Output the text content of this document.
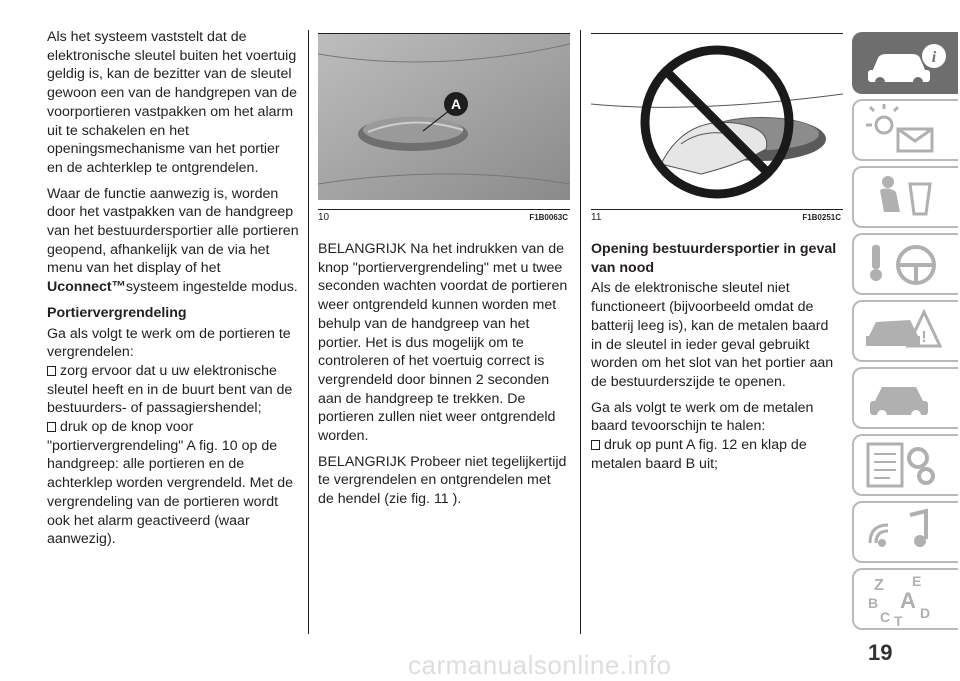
Als het systeem vaststelt dat de elektronische sleutel buiten het voertuig geldig is, kan de bezitter van de sleutel gewoon een van de handgrepen van de voorportieren vastpakken om het alarm uit te schakelen en het openingsmechanisme van het portier en de achterklep te ontgrendelen.

Waar de functie aanwezig is, worden door het vastpakken van de handgreep van het bestuurdersportier alle portieren geopend, afhankelijk van de via het menu van het display of het Uconnect™systeem ingestelde modus.

Portiervergrendeling

Ga als volgt te werk om de portieren te vergrendelen:

zorg ervoor dat u uw elektronische sleutel heeft en in de buurt bent van de bestuurders- of passagiershendel;
druk op de knop voor "portiervergrendeling" A fig. 10 op de handgreep: alle portieren en de achterklep worden vergrendeld. Met de vergrendeling van de portieren wordt ook het alarm geactiveerd (waar aanwezig).
A
10	F1B0063C 11	F1B0251C

BELANGRIJK Na het indrukken van de knop "portiervergrendeling" met u twee seconden wachten voordat de portieren weer ontgrendeld kunnen worden met behulp van de handgreep van het portier. Het is dus mogelijk om te controleren of het voertuig correct is vergrendeld door binnen 2 seconden aan de handgreep te trekken. De portieren zullen niet weer ontgrendeld worden.

BELANGRIJK Probeer niet tegelijkertijd te vergrendelen en ontgrendelen met de hendel (zie fig. 11 ).

Opening bestuurdersportier in geval van nood

Als de elektronische sleutel niet functioneert (bijvoorbeeld omdat de batterij leeg is), kan de metalen baard in de sleutel in ieder geval gebruikt worden om het slot van het portier aan de bestuurderszijde te openen.

Ga als volgt te werk om de metalen baard tevoorschijn te halen:

druk op punt A fig. 12 en klap de metalen baard B uit;
i
!
Z E
B A
C D
T
19
carmanualsonline.info
